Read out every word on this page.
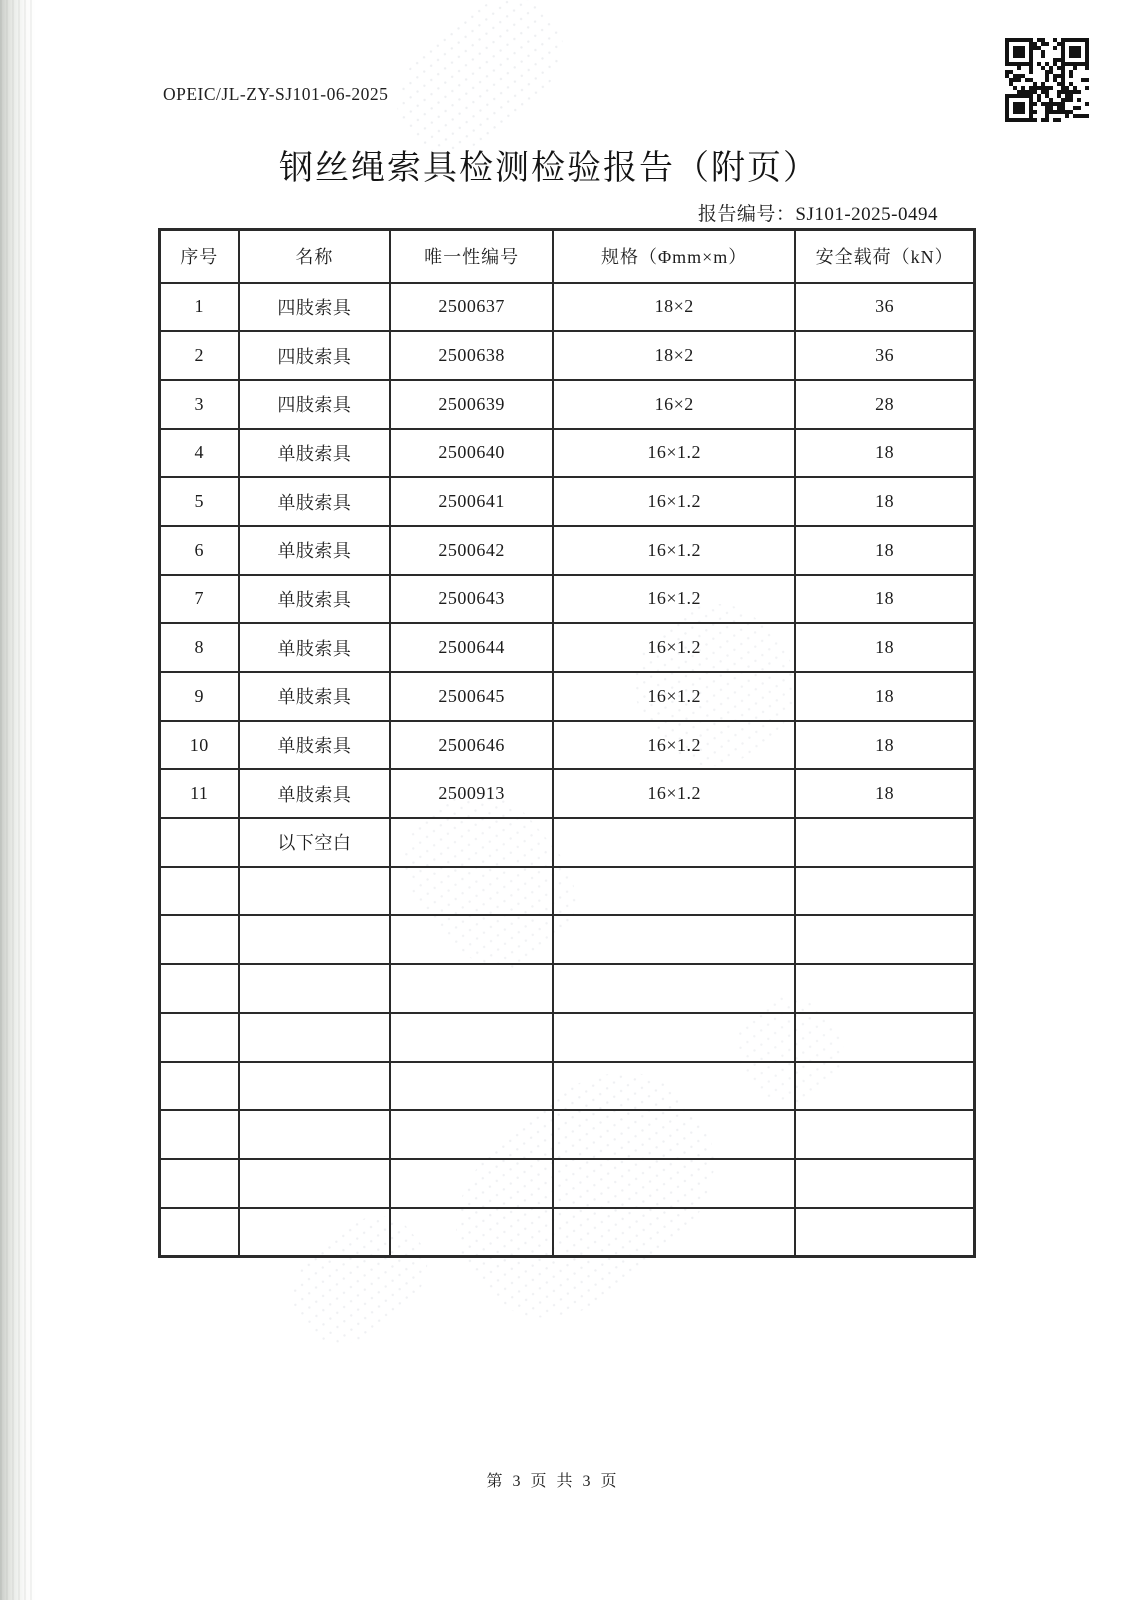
OPEIC/JL-ZY-SJ101-06-2025
钢丝绳索具检测检验报告（附页）
报告编号：SJ101-2025-0494
序号	名称	唯一性编号	规格（Φmm×m）	安全载荷（kN）
1	四肢索具	2500637	18×2	36
2	四肢索具	2500638	18×2	36
3	四肢索具	2500639	16×2	28
4	单肢索具	2500640	16×1.2	18
5	单肢索具	2500641	16×1.2	18
6	单肢索具	2500642	16×1.2	18
7	单肢索具	2500643	16×1.2	18
8	单肢索具	2500644	16×1.2	18
9	单肢索具	2500645	16×1.2	18
10	单肢索具	2500646	16×1.2	18
11	单肢索具	2500913	16×1.2	18
	以下空白			

第 3 页 共 3 页
